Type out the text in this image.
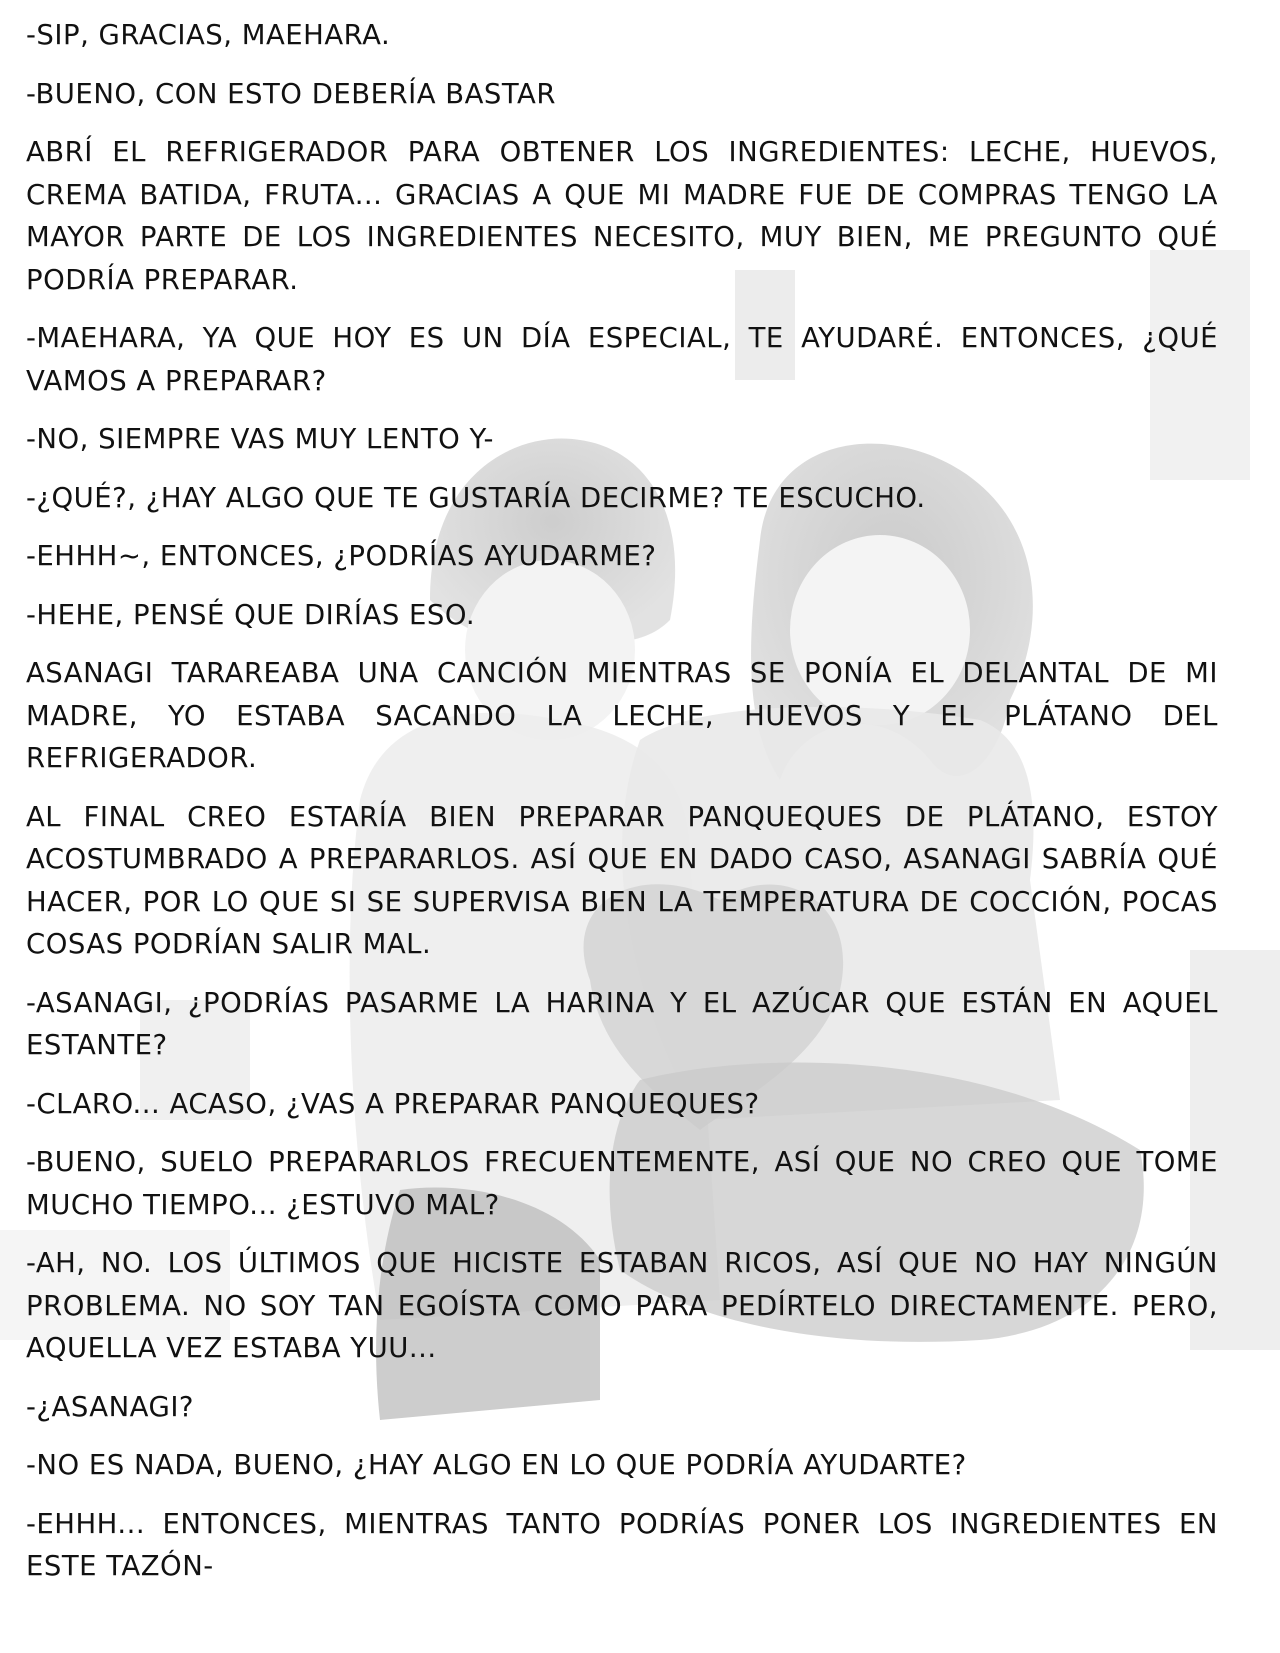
-SIP, GRACIAS, MAEHARA.

-BUENO, CON ESTO DEBERÍA BASTAR

ABRÍ EL REFRIGERADOR PARA OBTENER LOS INGREDIENTES: LECHE, HUEVOS, CREMA BATIDA, FRUTA... GRACIAS A QUE MI MADRE FUE DE COMPRAS TENGO LA MAYOR PARTE DE LOS INGREDIENTES NECESITO, MUY BIEN, ME PREGUNTO QUÉ PODRÍA PREPARAR.

-MAEHARA, YA QUE HOY ES UN DÍA ESPECIAL, TE AYUDARÉ. ENTONCES, ¿QUÉ VAMOS A PREPARAR?

-NO, SIEMPRE VAS MUY LENTO Y-

-¿QUÉ?, ¿HAY ALGO QUE TE GUSTARÍA DECIRME? TE ESCUCHO.

-EHHH~, ENTONCES, ¿PODRÍAS AYUDARME?

-HEHE, PENSÉ QUE DIRÍAS ESO.

ASANAGI TARAREABA UNA CANCIÓN MIENTRAS SE PONÍA EL DELANTAL DE MI MADRE, YO ESTABA SACANDO LA LECHE, HUEVOS Y EL PLÁTANO DEL REFRIGERADOR.

AL FINAL CREO ESTARÍA BIEN PREPARAR PANQUEQUES DE PLÁTANO, ESTOY ACOSTUMBRADO A PREPARARLOS. ASÍ QUE EN DADO CASO, ASANAGI SABRÍA QUÉ HACER, POR LO QUE SI SE SUPERVISA BIEN LA TEMPERATURA DE COCCIÓN, POCAS COSAS PODRÍAN SALIR MAL.

-ASANAGI, ¿PODRÍAS PASARME LA HARINA Y EL AZÚCAR QUE ESTÁN EN AQUEL ESTANTE?

-CLARO... ACASO, ¿VAS A PREPARAR PANQUEQUES?

-BUENO, SUELO PREPARARLOS FRECUENTEMENTE, ASÍ QUE NO CREO QUE TOME MUCHO TIEMPO... ¿ESTUVO MAL?

-AH, NO. LOS ÚLTIMOS QUE HICISTE ESTABAN RICOS, ASÍ QUE NO HAY NINGÚN PROBLEMA. NO SOY TAN EGOÍSTA COMO PARA PEDÍRTELO DIRECTAMENTE. PERO, AQUELLA VEZ ESTABA YUU...

-¿ASANAGI?

-NO ES NADA, BUENO, ¿HAY ALGO EN LO QUE PODRÍA AYUDARTE?

-EHHH... ENTONCES, MIENTRAS TANTO PODRÍAS PONER LOS INGREDIENTES EN ESTE TAZÓN-
